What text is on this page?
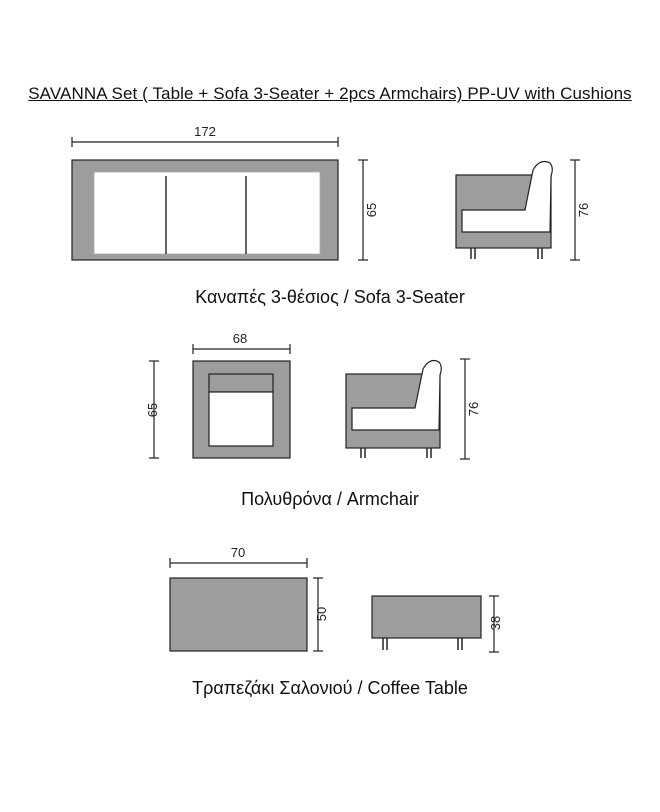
SAVANNA Set ( Table + Sofa 3-Seater + 2pcs Armchairs) PP-UV with Cushions
172
65	76
68
65	76
70
50
38
Καναπές 3-θέσιος / Sofa 3-Seater
Πολυθρόνα / Armchair
Τραπεζάκι Σαλονιού / Coffee Table
